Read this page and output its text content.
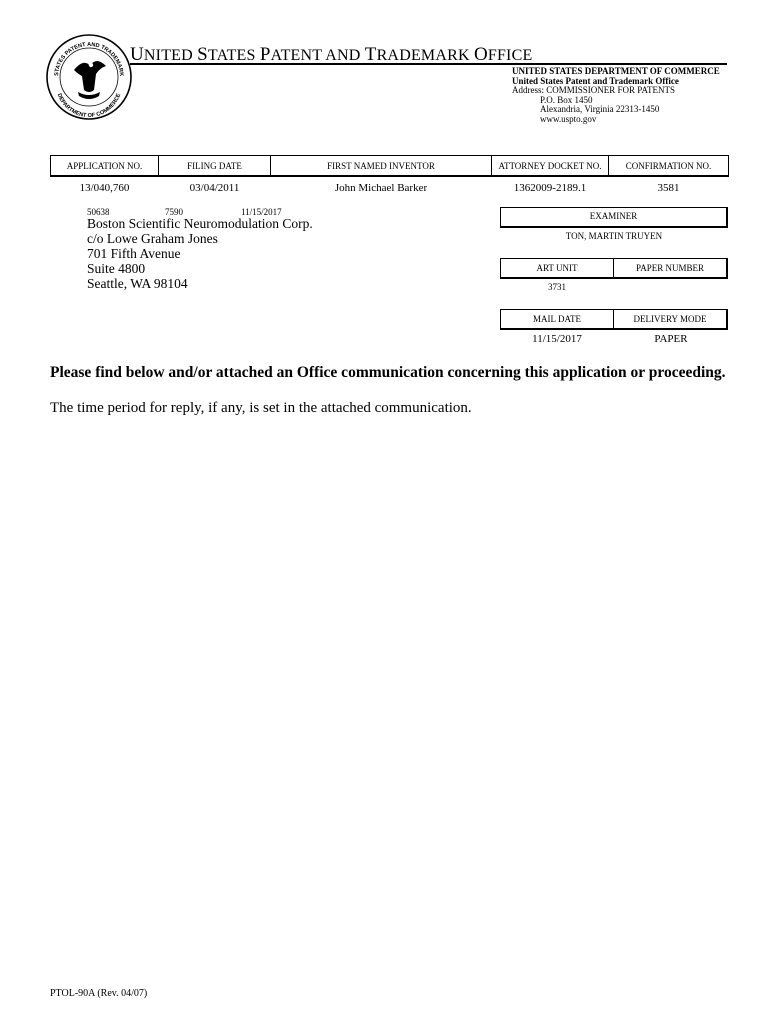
STATES PATENT AND TRADEMARK
DEPARTMENT OF COMMERCE
UNITED STATES PATENT AND TRADEMARK OFFICE
UNITED STATES DEPARTMENT OF COMMERCE
United States Patent and Trademark Office
Address: COMMISSIONER FOR PATENTS
P.O. Box 1450
Alexandria, Virginia 22313-1450
www.uspto.gov
APPLICATION NO.	FILING DATE	FIRST NAMED INVENTOR	ATTORNEY DOCKET NO.	CONFIRMATION NO.
13/040,760	03/04/2011	John Michael Barker	1362009-2189.1	3581
50638	7590	11/15/2017
Boston Scientific Neuromodulation Corp.
c/o Lowe Graham Jones
701 Fifth Avenue
Suite 4800
Seattle, WA 98104
EXAMINER
TON, MARTIN TRUYEN
ART UNIT	PAPER NUMBER
3731
MAIL DATE	DELIVERY MODE
11/15/2017	PAPER
Please find below and/or attached an Office communication concerning this application or proceeding.
The time period for reply, if any, is set in the attached communication.
PTOL-90A (Rev. 04/07)
